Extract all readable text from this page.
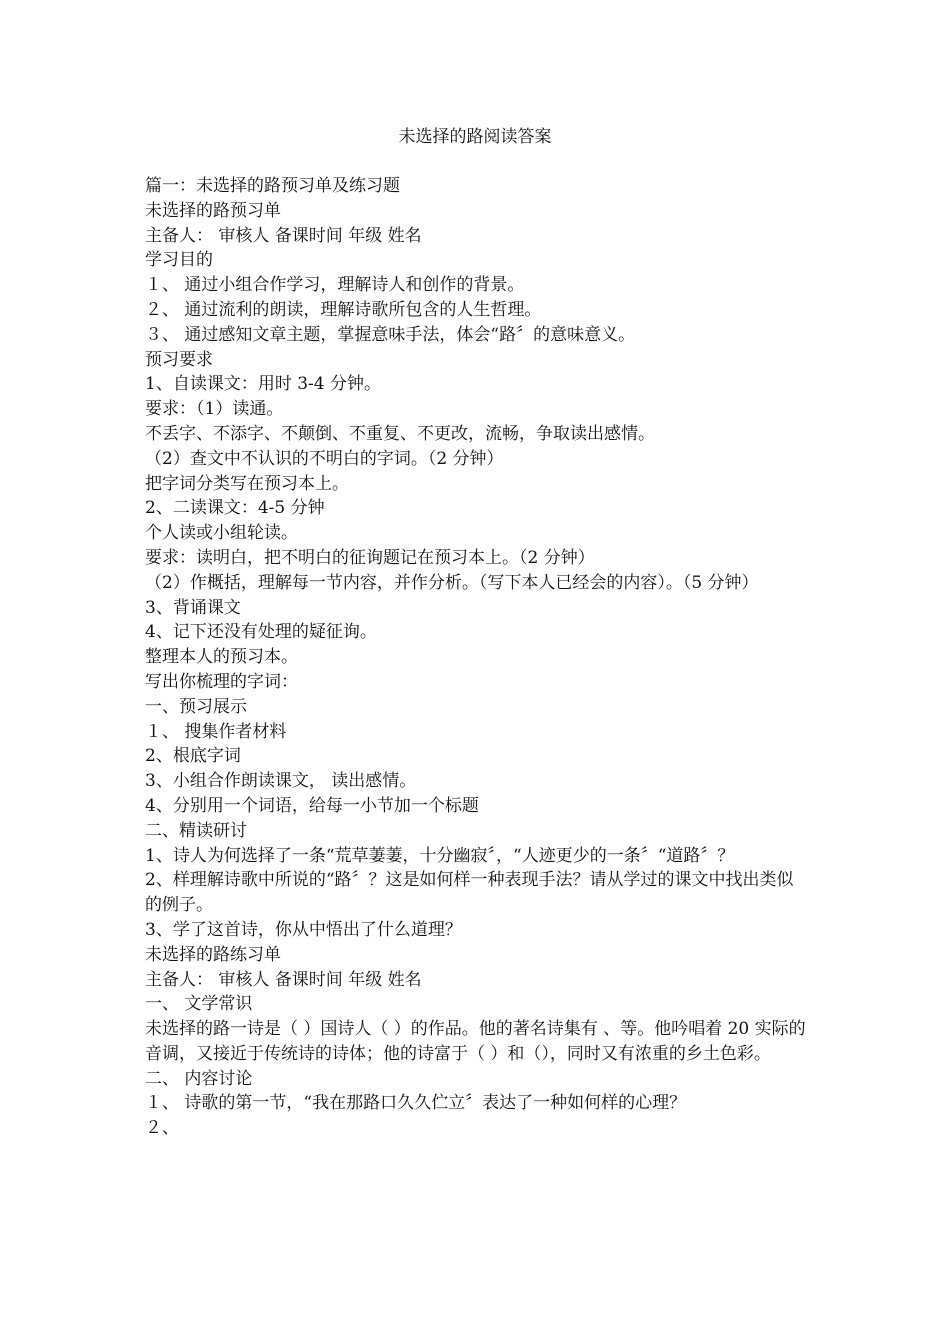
未选择的路阅读答案

篇一：未选择的路预习单及练习题

未选择的路预习单

主备人： 审核人 备课时间 年级 姓名

学习目的

１、 通过小组合作学习，理解诗人和创作的背景。

２、 通过流利的朗读，理解诗歌所包含的人生哲理。

３、 通过感知文章主题，掌握意味手法，体会“路〞的意味意义。

预习要求

1、自读课文：用时 3-4 分钟。

要求：（1）读通。

不丢字、不添字、不颠倒、不重复、不更改，流畅，争取读出感情。

（2）查文中不认识的不明白的字词。（2 分钟）

把字词分类写在预习本上。

2、二读课文：4-5 分钟

个人读或小组轮读。

要求：读明白，把不明白的征询题记在预习本上。（2 分钟）

（2）作概括，理解每一节内容，并作分析。（写下本人已经会的内容）。（5 分钟）

3、背诵课文

4、记下还没有处理的疑征询。

整理本人的预习本。

写出你梳理的字词：

一、预习展示

１、 搜集作者材料

2、根底字词

3、小组合作朗读课文， 读出感情。

4、分别用一个词语，给每一小节加一个标题

二、精读研讨

1、诗人为何选择了一条“荒草萋萋，十分幽寂〞，“人迹更少的一条〞“道路〞？

2、样理解诗歌中所说的“路〞？这是如何样一种表现手法？请从学过的课文中找出类似的例子。

3、学了这首诗，你从中悟出了什么道理？

未选择的路练习单

主备人： 审核人 备课时间 年级 姓名

一、 文学常识

未选择的路一诗是（ ）国诗人（ ）的作品。他的著名诗集有 、等。他吟唱着 20 实际的音调，又接近于传统诗的诗体；他的诗富于（ ）和（），同时又有浓重的乡土色彩。

二、 内容讨论

１、 诗歌的第一节，“我在那路口久久伫立〞表达了一种如何样的心理？

２、
